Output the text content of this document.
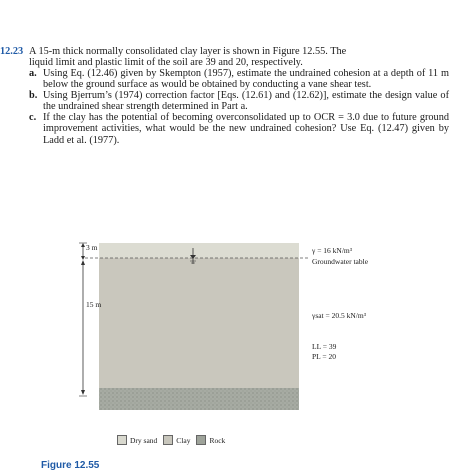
12.23 A 15-m thick normally consolidated clay layer is shown in Figure 12.55. The
liquid limit and plastic limit of the soil are 39 and 20, respectively.
a. Using Eq. (12.46) given by Skempton (1957), estimate the undrained cohesion at a depth of 11 m below the ground surface as would be obtained by conducting a vane shear test.
b. Using Bjerrum’s (1974) correction factor [Eqs. (12.61) and (12.62)], estimate the design value of the undrained shear strength determined in Part a.
c. If the clay has the potential of becoming overconsolidated up to OCR = 3.0 due to future ground improvement activities, what would be the new undrained cohesion? Use Eq. (12.47) given by Ladd et al. (1977).
3 m
15 m
γ = 16 kN/m³
Groundwater table
γsat = 20.5 kN/m³
LL = 39
PL = 20
Dry sand	Clay	Rock
Figure 12.55
